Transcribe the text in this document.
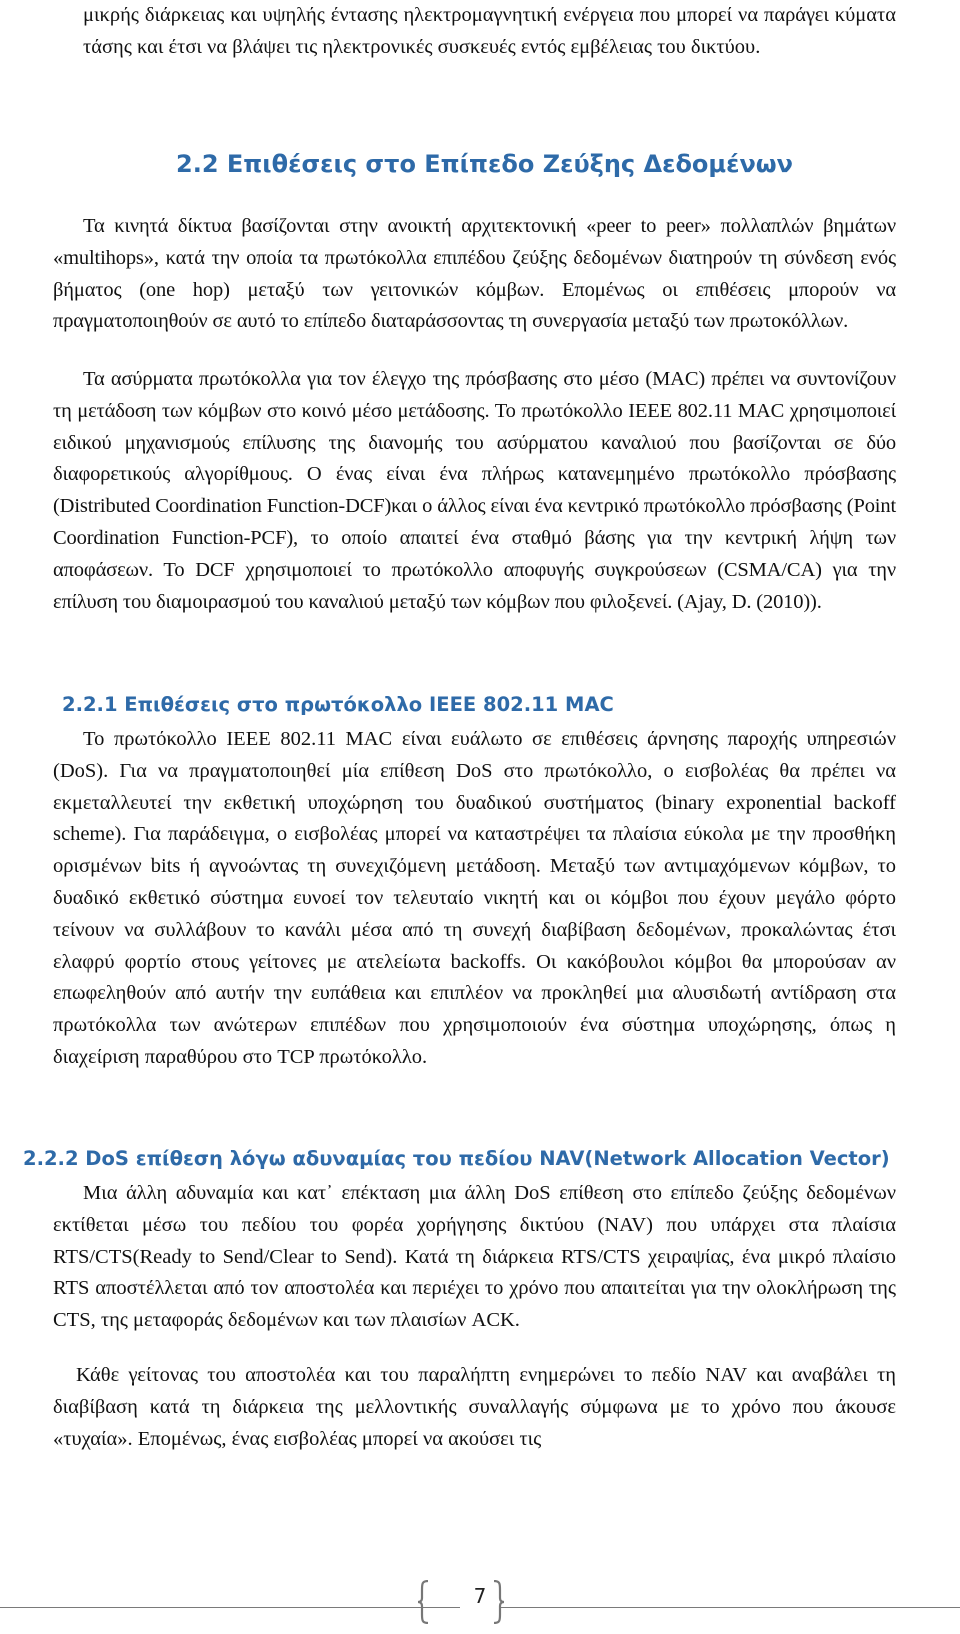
μικρής διάρκειας και υψηλής έντασης ηλεκτρομαγνητική ενέργεια που μπορεί να παράγει κύματα τάσης και έτσι να βλάψει τις ηλεκτρονικές συσκευές εντός εμβέλειας του δικτύου.
2.2 Επιθέσεις στο Επίπεδο Ζεύξης Δεδομένων
Τα κινητά δίκτυα βασίζονται στην ανοικτή αρχιτεκτονική «peer to peer» πολλαπλών βημάτων «multihops», κατά την οποία τα πρωτόκολλα επιπέδου ζεύξης δεδομένων διατηρούν τη σύνδεση ενός βήματος (one hop) μεταξύ των γειτονικών κόμβων. Επομένως οι επιθέσεις μπορούν να πραγματοποιηθούν σε αυτό το επίπεδο διαταράσσοντας τη συνεργασία μεταξύ των πρωτοκόλλων.
Τα ασύρματα πρωτόκολλα για τον έλεγχο της πρόσβασης στο μέσο (MAC) πρέπει να συντονίζουν τη μετάδοση των κόμβων στο κοινό μέσο μετάδοσης. Το πρωτόκολλο IEEE 802.11 MAC χρησιμοποιεί ειδικού μηχανισμούς επίλυσης της διανομής του ασύρματου καναλιού που βασίζονται σε δύο διαφορετικούς αλγορίθμους. Ο ένας είναι ένα πλήρως κατανεμημένο πρωτόκολλο πρόσβασης (Distributed Coordination Function-DCF)και ο άλλος είναι ένα κεντρικό πρωτόκολλο πρόσβασης (Point Coordination Function-PCF), το οποίο απαιτεί ένα σταθμό βάσης για την κεντρική λήψη των αποφάσεων. Το DCF χρησιμοποιεί το πρωτόκολλο αποφυγής συγκρούσεων (CSMA/CA) για την επίλυση του διαμοιρασμού του καναλιού μεταξύ των κόμβων που φιλοξενεί. (Ajay, D. (2010)).
2.2.1 Επιθέσεις στο πρωτόκολλο IEEE 802.11 MAC
Το πρωτόκολλο IEEE 802.11 MAC είναι ευάλωτο σε επιθέσεις άρνησης παροχής υπηρεσιών (DoS). Για να πραγματοποιηθεί μία επίθεση DoS στο πρωτόκολλο, ο εισβολέας θα πρέπει να εκμεταλλευτεί την εκθετική υποχώρηση του δυαδικού συστήματος (binary exponential backoff scheme). Για παράδειγμα, ο εισβολέας μπορεί να καταστρέψει τα πλαίσια εύκολα με την προσθήκη ορισμένων bits ή αγνοώντας τη συνεχιζόμενη μετάδοση. Μεταξύ των αντιμαχόμενων κόμβων, το δυαδικό εκθετικό σύστημα ευνοεί τον τελευταίο νικητή και οι κόμβοι που έχουν μεγάλο φόρτο τείνουν να συλλάβουν το κανάλι μέσα από τη συνεχή διαβίβαση δεδομένων, προκαλώντας έτσι ελαφρύ φορτίο στους γείτονες με ατελείωτα backoffs. Οι κακόβουλοι κόμβοι θα μπορούσαν αν επωφεληθούν από αυτήν την ευπάθεια και επιπλέον να προκληθεί μια αλυσιδωτή αντίδραση στα πρωτόκολλα των ανώτερων επιπέδων που χρησιμοποιούν ένα σύστημα υποχώρησης, όπως η διαχείριση παραθύρου στο TCP πρωτόκολλο.
2.2.2 DoS επίθεση λόγω αδυναμίας του πεδίου NAV(Network Allocation Vector)
Μια άλλη αδυναμία και κατ᾽ επέκταση μια άλλη DoS επίθεση στο επίπεδο ζεύξης δεδομένων εκτίθεται μέσω του πεδίου του φορέα χορήγησης δικτύου (NAV) που υπάρχει στα πλαίσια RTS/CTS(Ready to Send/Clear to Send). Κατά τη διάρκεια RTS/CTS χειραψίας, ένα μικρό πλαίσιο RTS αποστέλλεται από τον αποστολέα και περιέχει το χρόνο που απαιτείται για την ολοκλήρωση της CTS, της μεταφοράς δεδομένων και των πλαισίων ACK.
Κάθε γείτονας του αποστολέα και του παραλήπτη ενημερώνει το πεδίο NAV και αναβάλει τη διαβίβαση κατά τη διάρκεια της μελλοντικής συναλλαγής σύμφωνα με το χρόνο που άκουσε «τυχαία». Επομένως, ένας εισβολέας μπορεί να ακούσει τις
7
